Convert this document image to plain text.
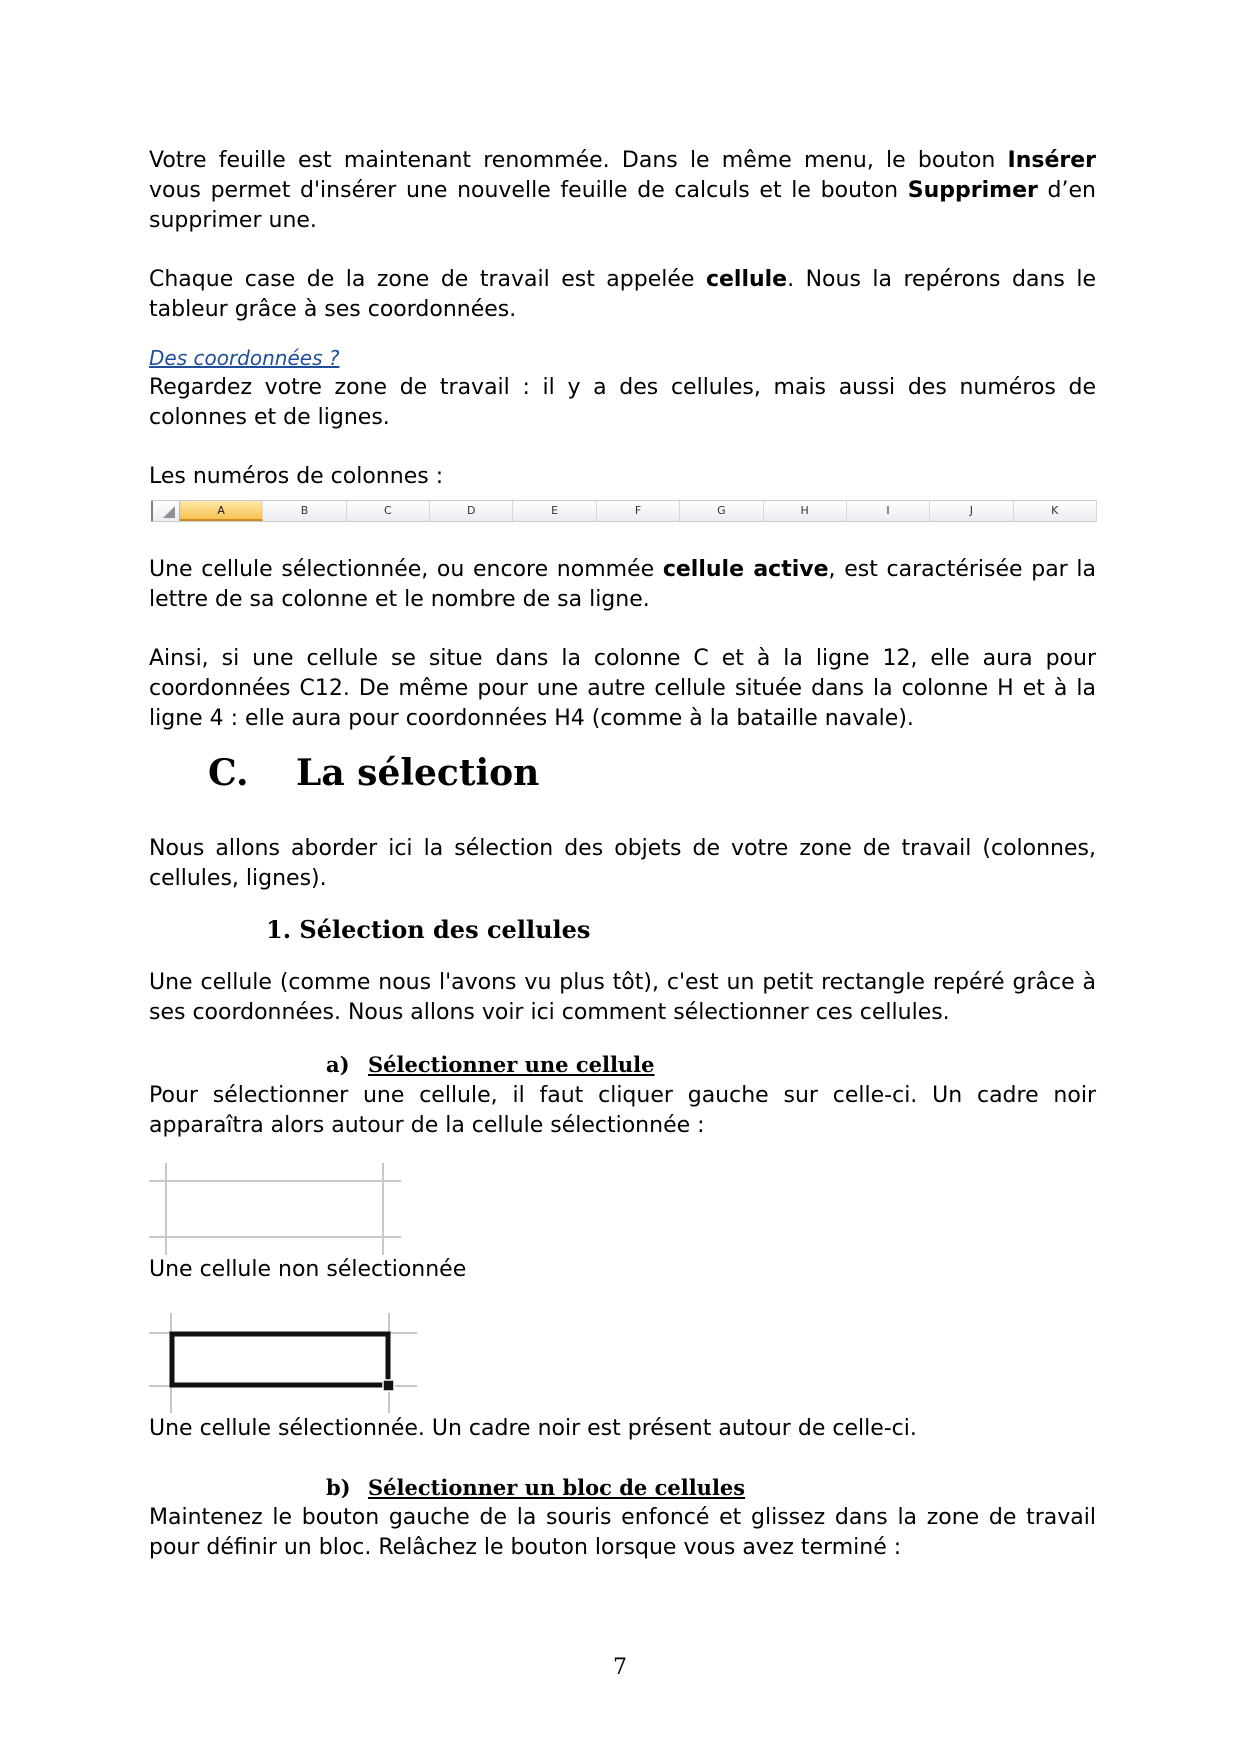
Votre feuille est maintenant renommée. Dans le même menu, le bouton Insérer vous permet d'insérer une nouvelle feuille de calculs et le bouton Supprimer d’en supprimer une.

Chaque case de la zone de travail est appelée cellule. Nous la repérons dans le tableur grâce à ses coordonnées.

Des coordonnées ?

Regardez votre zone de travail : il y a des cellules, mais aussi des numéros de colonnes et de lignes.

Les numéros de colonnes :

A	B	C	D	E	F	G	H	I	J	K

Une cellule sélectionnée, ou encore nommée cellule active, est caractérisée par la lettre de sa colonne et le nombre de sa ligne.

Ainsi, si une cellule se situe dans la colonne C et à la ligne 12, elle aura pour coordonnées C12. De même pour une autre cellule située dans la colonne H et à la ligne 4 : elle aura pour coordonnées H4 (comme à la bataille navale).

C. La sélection

Nous allons aborder ici la sélection des objets de votre zone de travail (colonnes, cellules, lignes).

1. Sélection des cellules

Une cellule (comme nous l'avons vu plus tôt), c'est un petit rectangle repéré grâce à ses coordonnées. Nous allons voir ici comment sélectionner ces cellules.

a) Sélectionner une cellule

Pour sélectionner une cellule, il faut cliquer gauche sur celle-ci. Un cadre noir apparaîtra alors autour de la cellule sélectionnée :

Une cellule non sélectionnée

Une cellule sélectionnée. Un cadre noir est présent autour de celle-ci.

b) Sélectionner un bloc de cellules

Maintenez le bouton gauche de la souris enfoncé et glissez dans la zone de travail pour définir un bloc. Relâchez le bouton lorsque vous avez terminé :

7
